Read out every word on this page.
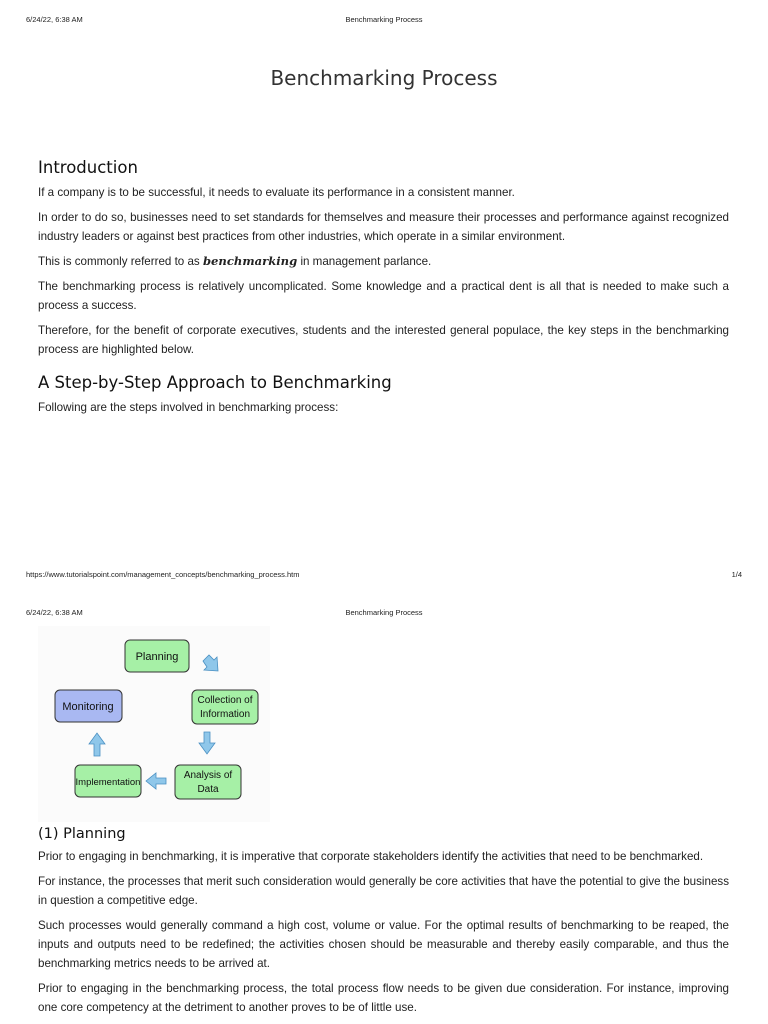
6/24/22, 6:38 AM	Benchmarking Process
Benchmarking Process
Introduction

If a company is to be successful, it needs to evaluate its performance in a consistent manner.

In order to do so, businesses need to set standards for themselves and measure their processes and performance against recognized industry leaders or against best practices from other industries, which operate in a similar environment.

This is commonly referred to as benchmarking in management parlance.

The benchmarking process is relatively uncomplicated. Some knowledge and a practical dent is all that is needed to make such a process a success.

Therefore, for the benefit of corporate executives, students and the interested general populace, the key steps in the benchmarking process are highlighted below.

A Step-by-Step Approach to Benchmarking

Following are the steps involved in benchmarking process:

https://www.tutorialspoint.com/management_concepts/benchmarking_process.htm	1/4
6/24/22, 6:38 AM	Benchmarking Process
Planning
Collection of
Information
Analysis of
Data
Implementation
Monitoring
(1) Planning

Prior to engaging in benchmarking, it is imperative that corporate stakeholders identify the activities that need to be benchmarked.

For instance, the processes that merit such consideration would generally be core activities that have the potential to give the business in question a competitive edge.

Such processes would generally command a high cost, volume or value. For the optimal results of benchmarking to be reaped, the inputs and outputs need to be redefined; the activities chosen should be measurable and thereby easily comparable, and thus the benchmarking metrics needs to be arrived at.

Prior to engaging in the benchmarking process, the total process flow needs to be given due consideration. For instance, improving one core competency at the detriment to another proves to be of little use.
